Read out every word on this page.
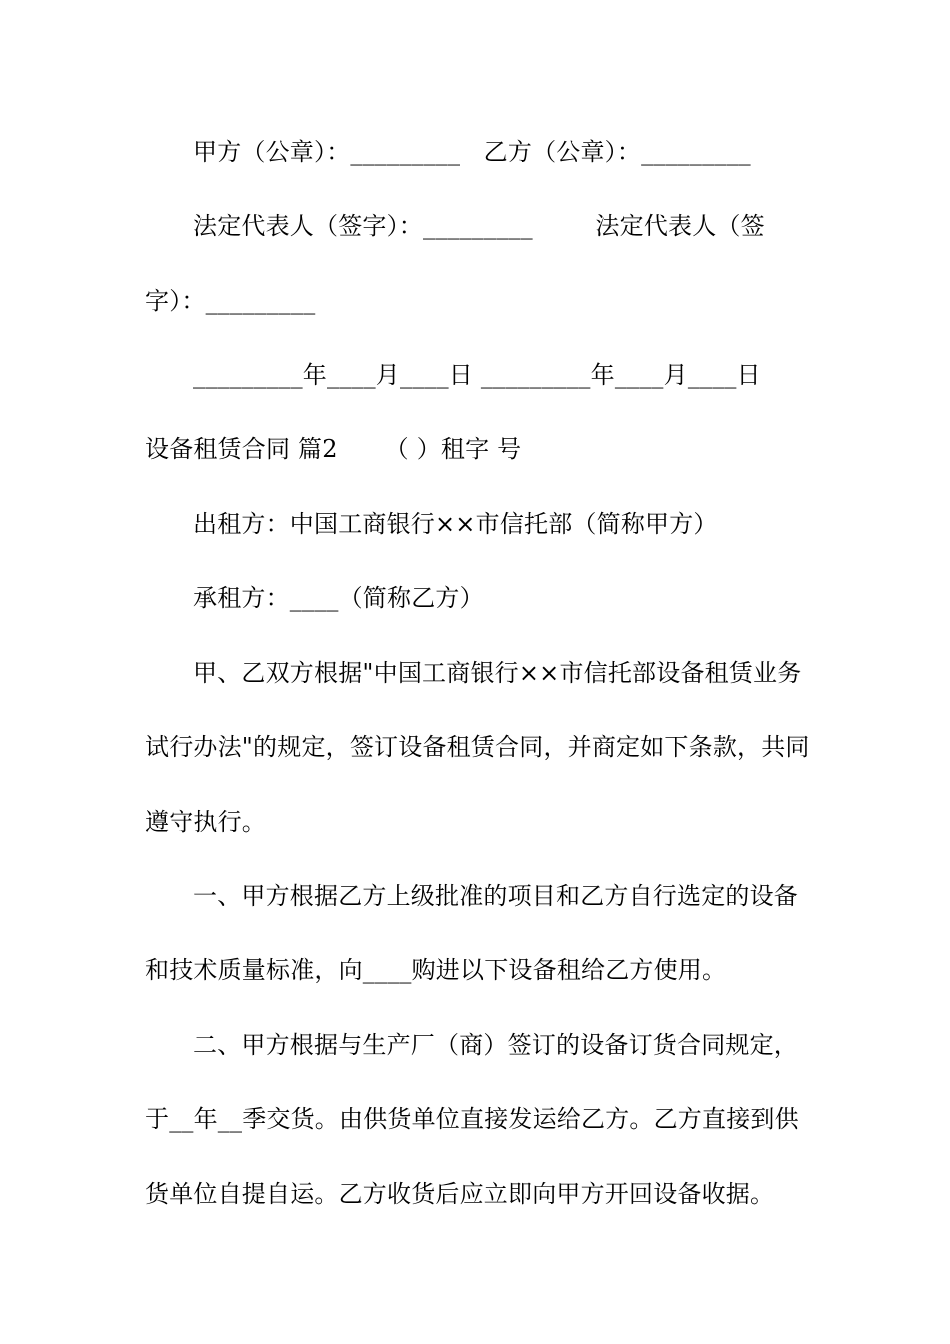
甲方（公章）：_________   乙方（公章）：_________
法定代表人（签字）：_________        法定代表人（签
字）：_________
_________年____月____日 _________年____月____日
设备租赁合同 篇2      （ ）租字 号
出租方：中国工商银行××市信托部（简称甲方）
承租方：____（简称乙方）
甲、乙双方根据"中国工商银行××市信托部设备租赁业务
试行办法"的规定，签订设备租赁合同，并商定如下条款，共同
遵守执行。
一、甲方根据乙方上级批准的项目和乙方自行选定的设备
和技术质量标准，向____购进以下设备租给乙方使用。
二、甲方根据与生产厂（商）签订的设备订货合同规定，
于__年__季交货。由供货单位直接发运给乙方。乙方直接到供
货单位自提自运。乙方收货后应立即向甲方开回设备收据。
